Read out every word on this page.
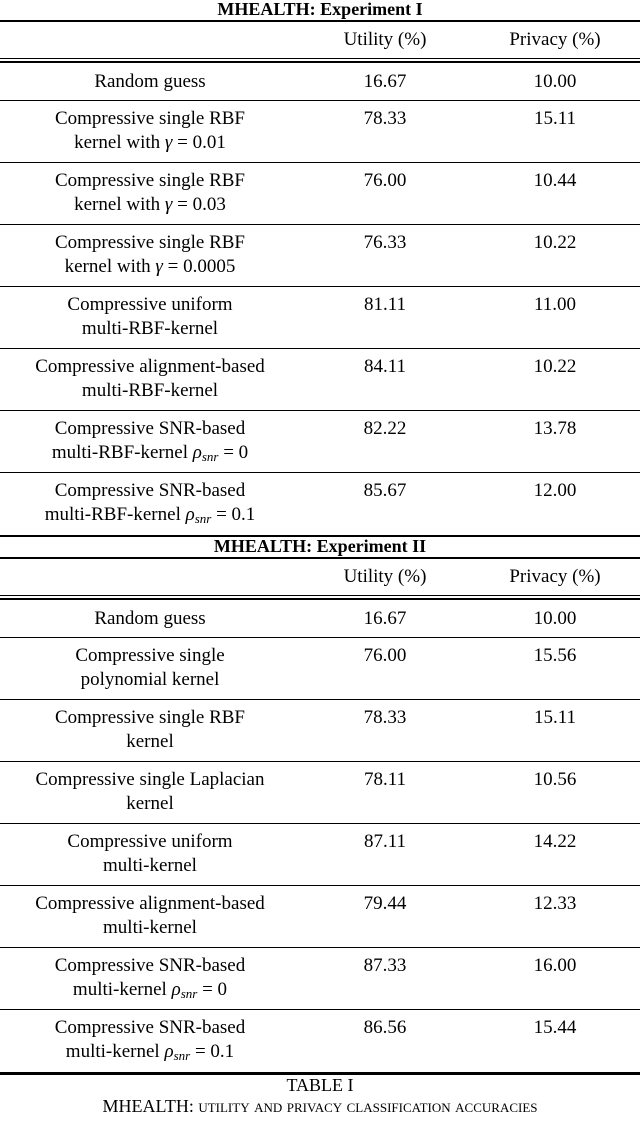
MHEALTH: Experiment I
Utility (%)	Privacy (%)
Random guess	16.67	10.00
Compressive single RBF
kernel with γ = 0.01
78.33	15.11
Compressive single RBF
kernel with γ = 0.03
76.00	10.44
Compressive single RBF
kernel with γ = 0.0005
76.33	10.22
Compressive uniform
multi-RBF-kernel
81.11	11.00
Compressive alignment-based
multi-RBF-kernel
84.11	10.22
Compressive SNR-based
multi-RBF-kernel $\rho_{snr} = 0$
82.22	13.78
Compressive SNR-based
multi-RBF-kernel $\rho_{snr} = 0.1$
85.67	12.00
MHEALTH: Experiment II
Utility (%)	Privacy (%)
Random guess	16.67	10.00
Compressive single
polynomial kernel
76.00	15.56
Compressive single RBF
kernel
78.33	15.11
Compressive single Laplacian
kernel
78.11	10.56
Compressive uniform
multi-kernel
87.11	14.22
Compressive alignment-based
multi-kernel
79.44	12.33
Compressive SNR-based
multi-kernel $\rho_{snr} = 0$
87.33	16.00
Compressive SNR-based
multi-kernel $\rho_{snr} = 0.1$
86.56	15.44
TABLE I
MHEALTH: utility and privacy classification accuracies
